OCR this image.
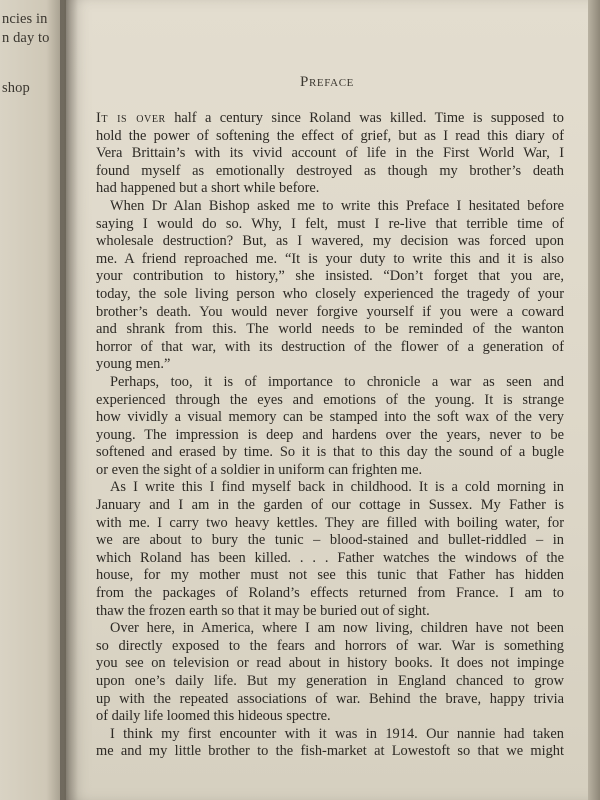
ncies in
n day to
shop	Preface
It is over half a century since Roland was killed. Time is supposed to
hold the power of softening the effect of grief, but as I read this diary of
Vera Brittain’s with its vivid account of life in the First World War, I
found myself as emotionally destroyed as though my brother’s death
had happened but a short while before.
When Dr Alan Bishop asked me to write this Preface I hesitated before
saying I would do so. Why, I felt, must I re-live that terrible time of
wholesale destruction? But, as I wavered, my decision was forced upon
me. A friend reproached me. “It is your duty to write this and it is also
your contribution to history,” she insisted. “Don’t forget that you are,
today, the sole living person who closely experienced the tragedy of your
brother’s death. You would never forgive yourself if you were a coward
and shrank from this. The world needs to be reminded of the wanton
horror of that war, with its destruction of the flower of a generation of
young men.”
Perhaps, too, it is of importance to chronicle a war as seen and
experienced through the eyes and emotions of the young. It is strange
how vividly a visual memory can be stamped into the soft wax of the very
young. The impression is deep and hardens over the years, never to be
softened and erased by time. So it is that to this day the sound of a bugle
or even the sight of a soldier in uniform can frighten me.
As I write this I find myself back in childhood. It is a cold morning in
January and I am in the garden of our cottage in Sussex. My Father is
with me. I carry two heavy kettles. They are filled with boiling water, for
we are about to bury the tunic – blood-stained and bullet-riddled – in
which Roland has been killed. . . . Father watches the windows of the
house, for my mother must not see this tunic that Father has hidden
from the packages of Roland’s effects returned from France. I am to
thaw the frozen earth so that it may be buried out of sight.
Over here, in America, where I am now living, children have not been
so directly exposed to the fears and horrors of war. War is something
you see on television or read about in history books. It does not impinge
upon one’s daily life. But my generation in England chanced to grow
up with the repeated associations of war. Behind the brave, happy trivia
of daily life loomed this hideous spectre.
I think my first encounter with it was in 1914. Our nannie had taken
me and my little brother to the fish-market at Lowestoft so that we might
